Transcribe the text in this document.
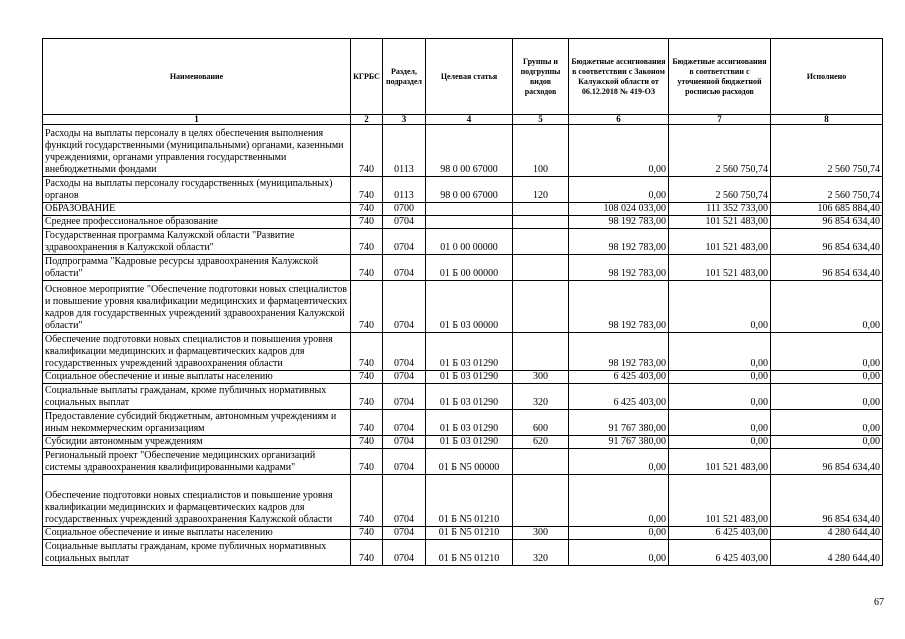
Наименование	КГРБС	Раздел, подраздел	Целевая статья	Группы и подгруппы видов расходов	Бюджетные ассигнования в соответствии с Законом Калужской области от 06.12.2018 № 419-ОЗ	Бюджетные ассигнования в соответствии с уточненной бюджетной росписью расходов	Исполнено
1	2	3	4	5	6	7	8
Расходы на выплаты персоналу в целях обеспечения выполнения функций государственными (муниципальными) органами, казенными учреждениями, органами управления государственными внебюджетными фондами	740	0113	98 0 00 67000	100	0,00	2 560 750,74	2 560 750,74
Расходы на выплаты персоналу государственных (муниципальных) органов	740	0113	98 0 00 67000	120	0,00	2 560 750,74	2 560 750,74
ОБРАЗОВАНИЕ	740	0700			108 024 033,00	111 352 733,00	106 685 884,40
Среднее профессиональное образование	740	0704			98 192 783,00	101 521 483,00	96 854 634,40
Государственная программа Калужской области "Развитие здравоохранения в Калужской области"	740	0704	01 0 00 00000		98 192 783,00	101 521 483,00	96 854 634,40
Подпрограмма "Кадровые ресурсы здравоохранения Калужской области"	740	0704	01 Б 00 00000		98 192 783,00	101 521 483,00	96 854 634,40
Основное мероприятие "Обеспечение подготовки новых специалистов и повышение уровня квалификации медицинских и фармацевтических кадров для государственных учреждений здравоохранения Калужской области"	740	0704	01 Б 03 00000		98 192 783,00	0,00	0,00
Обеспечение подготовки новых специалистов и повышения уровня квалификации медицинских и фармацевтических кадров для государственных учреждений здравоохранения области	740	0704	01 Б 03 01290		98 192 783,00	0,00	0,00
Социальное обеспечение и иные выплаты населению	740	0704	01 Б 03 01290	300	6 425 403,00	0,00	0,00
Социальные выплаты гражданам, кроме публичных нормативных социальных выплат	740	0704	01 Б 03 01290	320	6 425 403,00	0,00	0,00
Предоставление субсидий бюджетным, автономным учреждениям и иным некоммерческим организациям	740	0704	01 Б 03 01290	600	91 767 380,00	0,00	0,00
Субсидии автономным учреждениям	740	0704	01 Б 03 01290	620	91 767 380,00	0,00	0,00
Региональный проект "Обеспечение медицинских организаций системы здравоохранения квалифицированными кадрами"	740	0704	01 Б N5 00000		0,00	101 521 483,00	96 854 634,40
Обеспечение подготовки новых специалистов и повышение уровня квалификации медицинских и фармацевтических кадров для государственных учреждений здравоохранения Калужской области	740	0704	01 Б N5 01210		0,00	101 521 483,00	96 854 634,40
Социальное обеспечение и иные выплаты населению	740	0704	01 Б N5 01210	300	0,00	6 425 403,00	4 280 644,40
Социальные выплаты гражданам, кроме публичных нормативных социальных выплат	740	0704	01 Б N5 01210	320	0,00	6 425 403,00	4 280 644,40
67
